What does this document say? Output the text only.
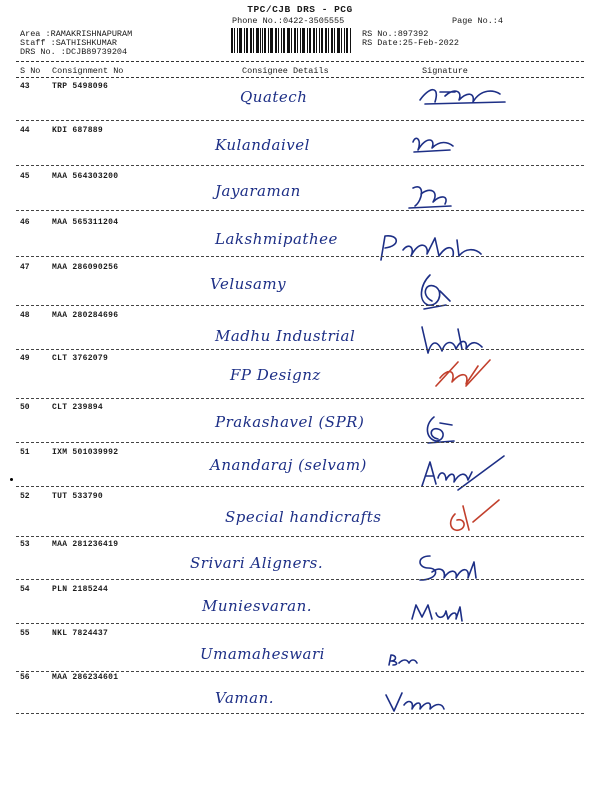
TPC/CJB DRS - PCG
Phone No.:0422-3505555	Page No.:4
Area :RAMAKRISHNAPURAM
Staff :SATHISHKUMAR
DRS No. :DCJB89739204
RS No.:897392
RS Date:25-Feb-2022
S No Consignment No	Consignee Details	Signature
43	TRP 5498096
Quatech
44	KDI 687889
Kulandaivel
45	MAA 564303200
Jayaraman
46	MAA 565311204
Lakshmipathee
47	MAA 286090256
Velusamy
48	MAA 280284696
Madhu Industrial
49	CLT 3762079
FP Designz
50	CLT 239894
Prakashavel (SPR)
51	IXM 501039992
Anandaraj (selvam)
52	TUT 533790
Special handicrafts
53	MAA 281236419
Srivari Aligners.
54	PLN 2185244
Muniesvaran.
55	NKL 7824437
Umamaheswari
56	MAA 286234601
Vaman.
